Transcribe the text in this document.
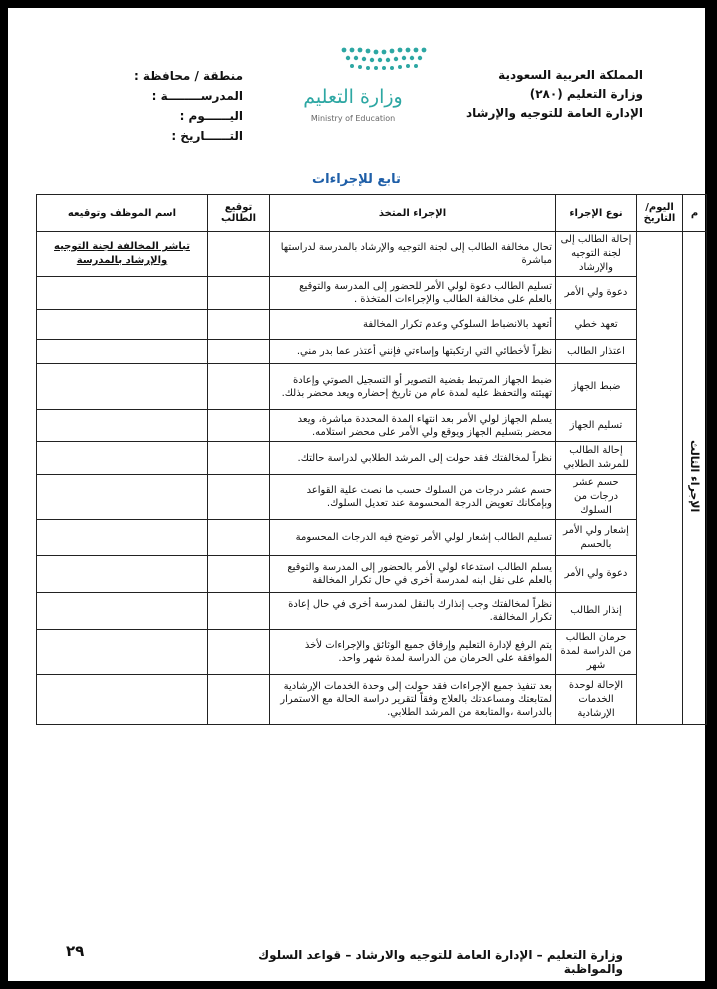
المملكة العربية السعودية
وزارة التعليم (٢٨٠)
الإدارة العامة للتوجيه والإرشاد
وزارة التعليم
Ministry of Education
منطقة / محافظة :
المدرســــــــة :
اليــــــوم :
التــــــاريخ :
تابع للإجراءات
م	اليوم/ التاريخ	نوع الإجراء	الإجراء المتخذ	توقيع الطالب	اسم الموظف وتوقيعه
الإجراء الثالث		إحالة الطالب إلى لجنة التوجيه والإرشاد	تحال مخالفة الطالب إلى لجنة التوجيه والإرشاد بالمدرسة لدراستها مباشرة		تباشر المخالفة لجنة التوجيه والإرشاد بالمدرسة
		دعوة ولي الأمر	تسليم الطالب دعوة لولي الأمر للحضور إلى المدرسة والتوقيع بالعلم على مخالفة الطالب والإجراءات المتخذة .		
		تعهد خطي	أتعهد بالانضباط السلوكي وعدم تكرار المخالفة		
		اعتذار الطالب	نظراً لأخطائي التي ارتكبتها وإساءتي فإنني أعتذر عما بدر مني.		
		ضبط الجهاز	ضبط الجهاز المرتبط بقضية التصوير أو التسجيل الصوتي وإعادة تهيئته والتحفظ عليه لمدة عام من تاريخ إحضاره ويعد محضر بذلك.		
		تسليم الجهاز	يسلم الجهاز لولي الأمر بعد انتهاء المدة المحددة مباشرة، ويعد محضر بتسليم الجهاز ويوقع ولي الأمر على محضر استلامه.		
		إحالة الطالب للمرشد الطلابي	نظراً لمخالفتك فقد حولت إلى المرشد الطلابي لدراسة حالتك.		
		حسم عشر درجات من السلوك	حسم عشر درجات من السلوك حسب ما نصت علية القواعد وبإمكانك تعويض الدرجة المحسومة عند تعديل السلوك.		
		إشعار ولي الأمر بالحسم	تسليم الطالب إشعار لولي الأمر توضح فيه الدرجات المحسومة		
		دعوة ولي الأمر	يسلم الطالب استدعاء لولي الأمر بالحضور إلى المدرسة والتوقيع بالعلم على نقل ابنه لمدرسة أخرى في حال تكرار المخالفة		
		إنذار الطالب	نظراً لمخالفتك وجب إنذارك بالنقل لمدرسة أخرى في حال إعادة تكرار المخالفة.		
		حرمان الطالب من الدراسة لمدة شهر	يتم الرفع لإدارة التعليم وإرفاق جميع الوثائق والإجراءات لأخذ الموافقة على الحرمان من الدراسة لمدة شهر واحد.		
		الإحالة لوحدة الخدمات الإرشادية	بعد تنفيذ جميع الإجراءات فقد حولت إلى وحدة الخدمات الإرشادية لمتابعتك ومساعدتك بالعلاج وفقاً لتقرير دراسة الحالة مع الاستمرار بالدراسة ،والمتابعة من المرشد الطلابي.		
وزارة التعليم – الإدارة العامة للتوجيه والارشاد – قواعد السلوك والمواظبة
٢٩
